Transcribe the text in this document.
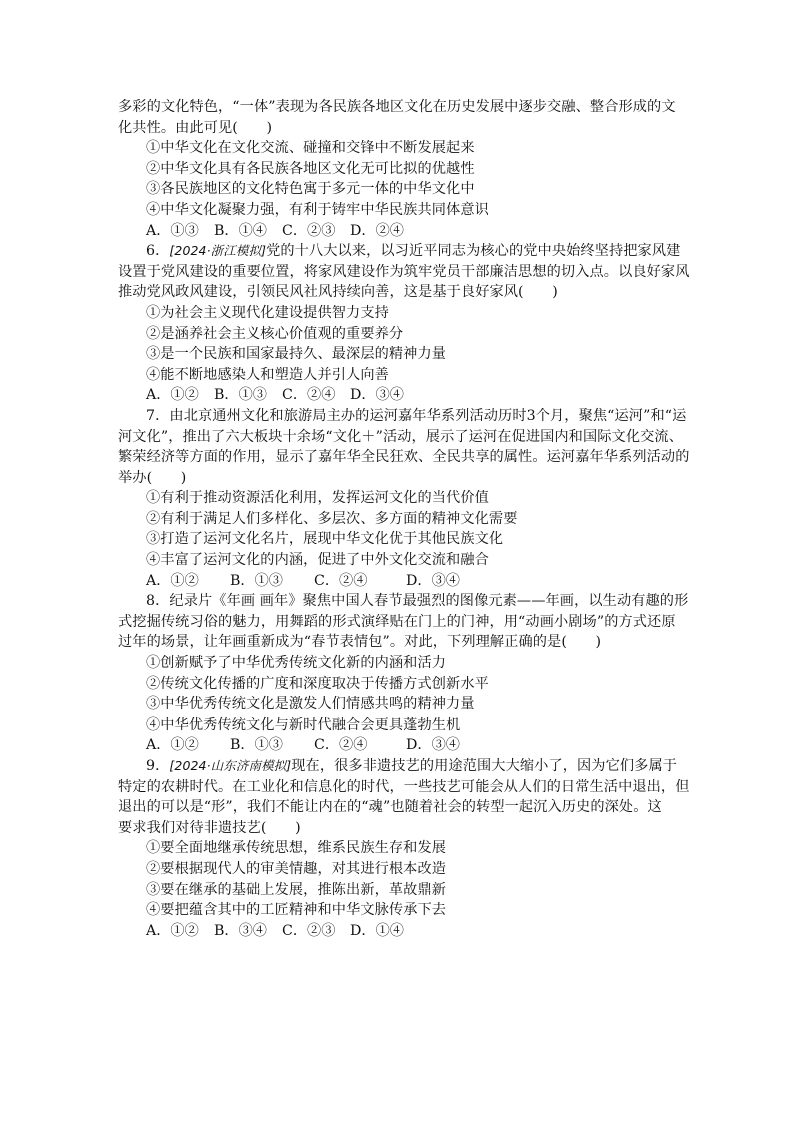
多彩的文化特色，“一体”表现为各民族各地区文化在历史发展中逐步交融、整合形成的文
化共性。由此可见(　　)
①中华文化在文化交流、碰撞和交锋中不断发展起来
②中华文化具有各民族各地区文化无可比拟的优越性
③各民族地区的文化特色寓于多元一体的中华文化中
④中华文化凝聚力强，有利于铸牢中华民族共同体意识
A．①③	B．①④	C．②③	D．②④
6．[2024·浙江模拟]党的十八大以来，以习近平同志为核心的党中央始终坚持把家风建
设置于党风建设的重要位置，将家风建设作为筑牢党员干部廉洁思想的切入点。以良好家风
推动党风政风建设，引领民风社风持续向善，这是基于良好家风(　　)
①为社会主义现代化建设提供智力支持
②是涵养社会主义核心价值观的重要养分
③是一个民族和国家最持久、最深层的精神力量
④能不断地感染人和塑造人并引人向善
A．①②	B．①③	C．②④	D．③④
7．由北京通州文化和旅游局主办的运河嘉年华系列活动历时3个月，聚焦“运河”和“运
河文化”，推出了六大板块十余场“文化＋”活动，展示了运河在促进国内和国际文化交流、
繁荣经济等方面的作用，显示了嘉年华全民狂欢、全民共享的属性。运河嘉年华系列活动的
举办(　　)
①有利于推动资源活化利用，发挥运河文化的当代价值
②有利于满足人们多样化、多层次、多方面的精神文化需要
③打造了运河文化名片，展现中华文化优于其他民族文化
④丰富了运河文化的内涵，促进了中外文化交流和融合
A．①②	B．①③	C．②④	D．③④
8．纪录片《年画 画年》聚焦中国人春节最强烈的图像元素——年画，以生动有趣的形
式挖掘传统习俗的魅力，用舞蹈的形式演绎贴在门上的门神，用“动画小剧场”的方式还原
过年的场景，让年画重新成为“春节表情包”。对此，下列理解正确的是(　　)
①创新赋予了中华优秀传统文化新的内涵和活力
②传统文化传播的广度和深度取决于传播方式创新水平
③中华优秀传统文化是激发人们情感共鸣的精神力量
④中华优秀传统文化与新时代融合会更具蓬勃生机
A．①②	B．①③	C．②④	D．③④
9．[2024·山东济南模拟]现在，很多非遗技艺的用途范围大大缩小了，因为它们多属于
特定的农耕时代。在工业化和信息化的时代，一些技艺可能会从人们的日常生活中退出，但
退出的可以是“形”，我们不能让内在的“魂”也随着社会的转型一起沉入历史的深处。这
要求我们对待非遗技艺(　　)
①要全面地继承传统思想，维系民族生存和发展
②要根据现代人的审美情趣，对其进行根本改造
③要在继承的基础上发展，推陈出新，革故鼎新
④要把蕴含其中的工匠精神和中华文脉传承下去
A．①②	B．③④	C．②③	D．①④
